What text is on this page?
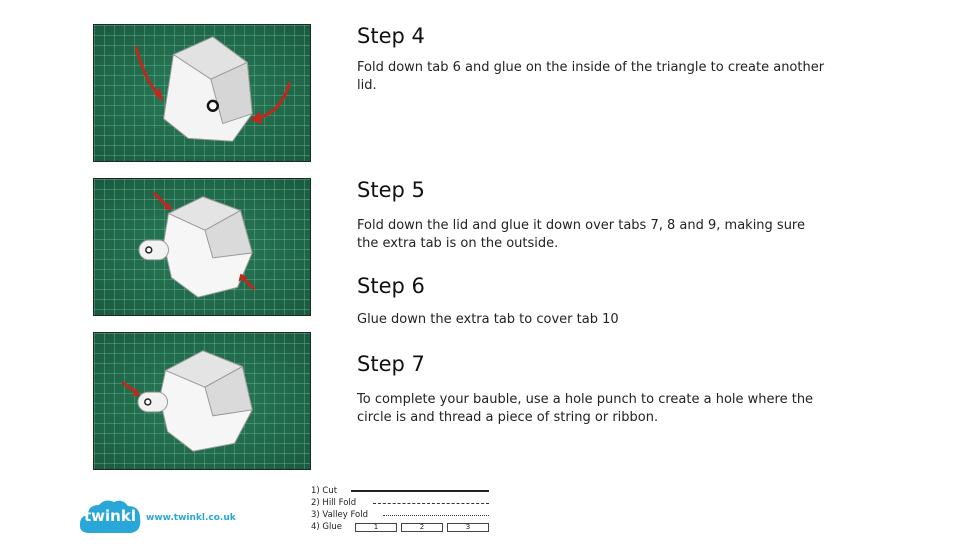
Step 4

Fold down tab 6 and glue on the inside of the triangle to create another lid.

Step 5

Fold down the lid and glue it down over tabs 7, 8 and 9, making sure the extra tab is on the outside.

Step 6

Glue down the extra tab to cover tab 10

Step 7

To complete your bauble, use a hole punch to create a hole where the circle is and thread a piece of string or ribbon.

twinkl	www.twinkl.co.uk
1) Cut
2) Hill Fold
3) Valley Fold
4) Glue	1	2	3
